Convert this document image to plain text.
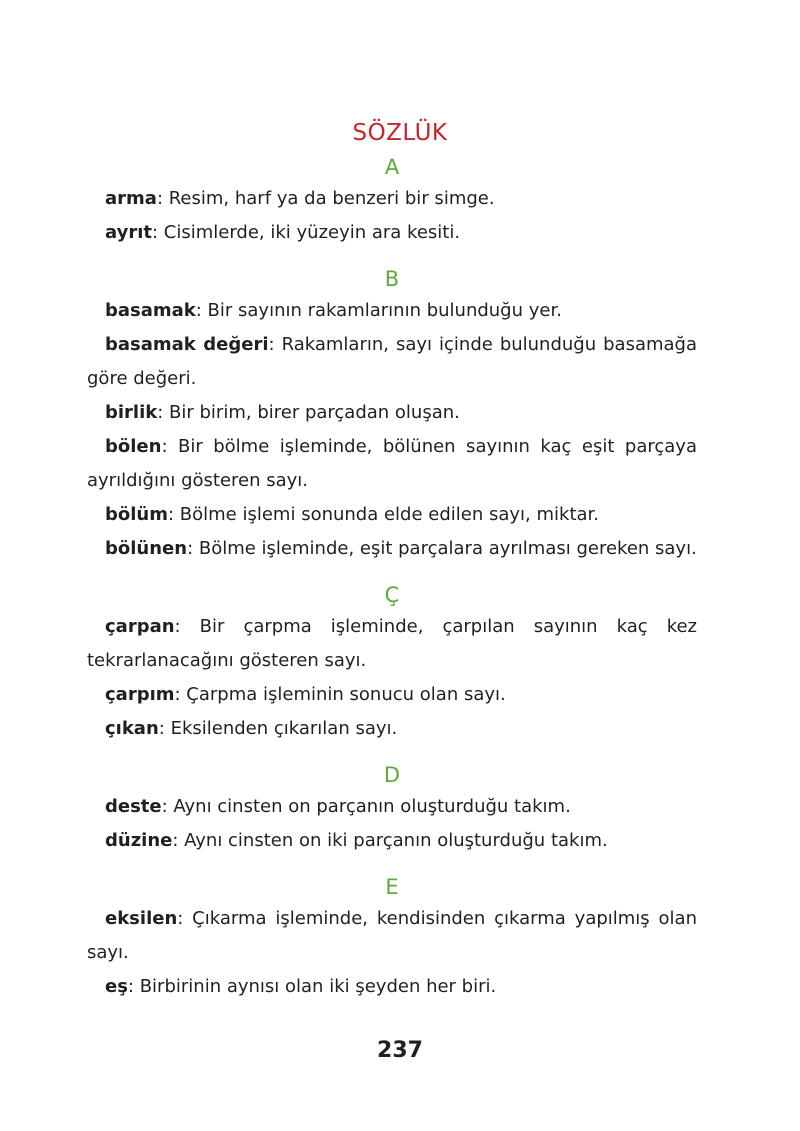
SÖZLÜK
A

arma: Resim, harf ya da benzeri bir simge.

ayrıt: Cisimlerde, iki yüzeyin ara kesiti.

B

basamak: Bir sayının rakamlarının bulunduğu yer.

basamak değeri: Rakamların, sayı içinde bulunduğu basamağa göre değeri.

birlik: Bir birim, birer parçadan oluşan.

bölen: Bir bölme işleminde, bölünen sayının kaç eşit parçaya ayrıldığını gösteren sayı.

bölüm: Bölme işlemi sonunda elde edilen sayı, miktar.

bölünen: Bölme işleminde, eşit parçalara ayrılması gereken sayı.

Ç

çarpan: Bir çarpma işleminde, çarpılan sayının kaç kez tekrarlanacağını gösteren sayı.

çarpım: Çarpma işleminin sonucu olan sayı.

çıkan: Eksilenden çıkarılan sayı.

D

deste: Aynı cinsten on parçanın oluşturduğu takım.

düzine: Aynı cinsten on iki parçanın oluşturduğu takım.

E

eksilen: Çıkarma işleminde, kendisinden çıkarma yapılmış olan sayı.

eş: Birbirinin aynısı olan iki şeyden her biri.

237
